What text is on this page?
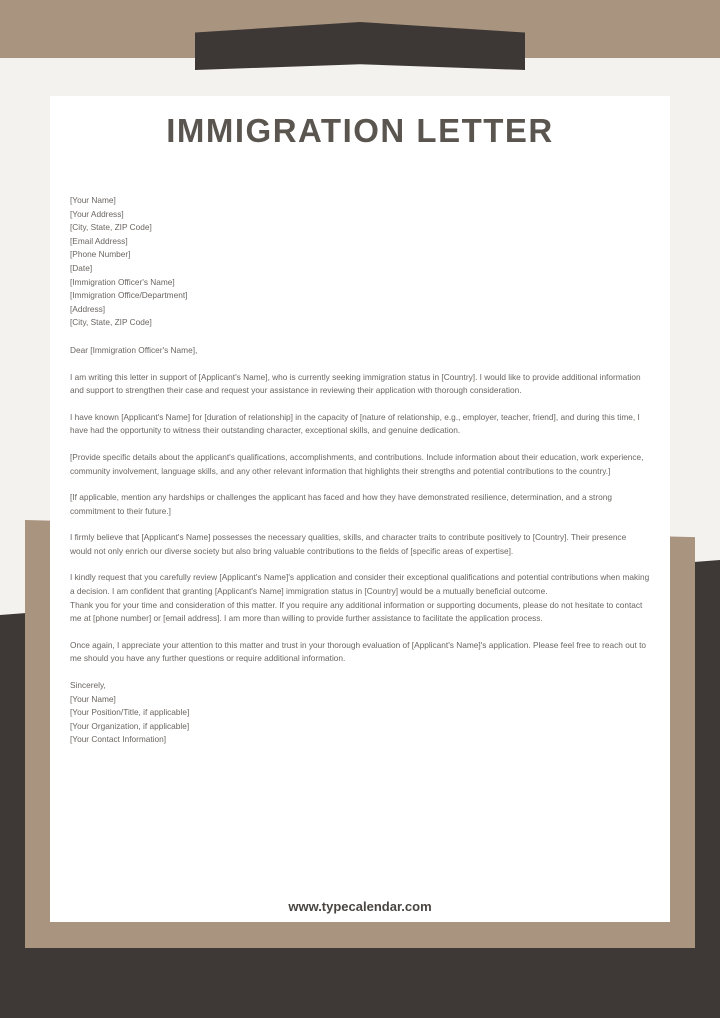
IMMIGRATION LETTER
[Your Name]
[Your Address]
[City, State, ZIP Code]
[Email Address]
[Phone Number]
[Date]
[Immigration Officer's Name]
[Immigration Office/Department]
[Address]
[City, State, ZIP Code]

Dear [Immigration Officer's Name],

I am writing this letter in support of [Applicant's Name], who is currently seeking immigration status in [Country]. I would like to provide additional information and support to strengthen their case and request your assistance in reviewing their application with thorough consideration.

I have known [Applicant's Name] for [duration of relationship] in the capacity of [nature of relationship, e.g., employer, teacher, friend], and during this time, I have had the opportunity to witness their outstanding character, exceptional skills, and genuine dedication.

[Provide specific details about the applicant's qualifications, accomplishments, and contributions. Include information about their education, work experience, community involvement, language skills, and any other relevant information that highlights their strengths and potential contributions to the country.]

[If applicable, mention any hardships or challenges the applicant has faced and how they have demonstrated resilience, determination, and a strong commitment to their future.]

I firmly believe that [Applicant's Name] possesses the necessary qualities, skills, and character traits to contribute positively to [Country]. Their presence would not only enrich our diverse society but also bring valuable contributions to the fields of [specific areas of expertise].

I kindly request that you carefully review [Applicant's Name]'s application and consider their exceptional qualifications and potential contributions when making a decision. I am confident that granting [Applicant's Name] immigration status in [Country] would be a mutually beneficial outcome.

Thank you for your time and consideration of this matter. If you require any additional information or supporting documents, please do not hesitate to contact me at [phone number] or [email address]. I am more than willing to provide further assistance to facilitate the application process.

Once again, I appreciate your attention to this matter and trust in your thorough evaluation of [Applicant's Name]'s application. Please feel free to reach out to me should you have any further questions or require additional information.

Sincerely,
[Your Name]
[Your Position/Title, if applicable]
[Your Organization, if applicable]
[Your Contact Information]
www.typecalendar.com
